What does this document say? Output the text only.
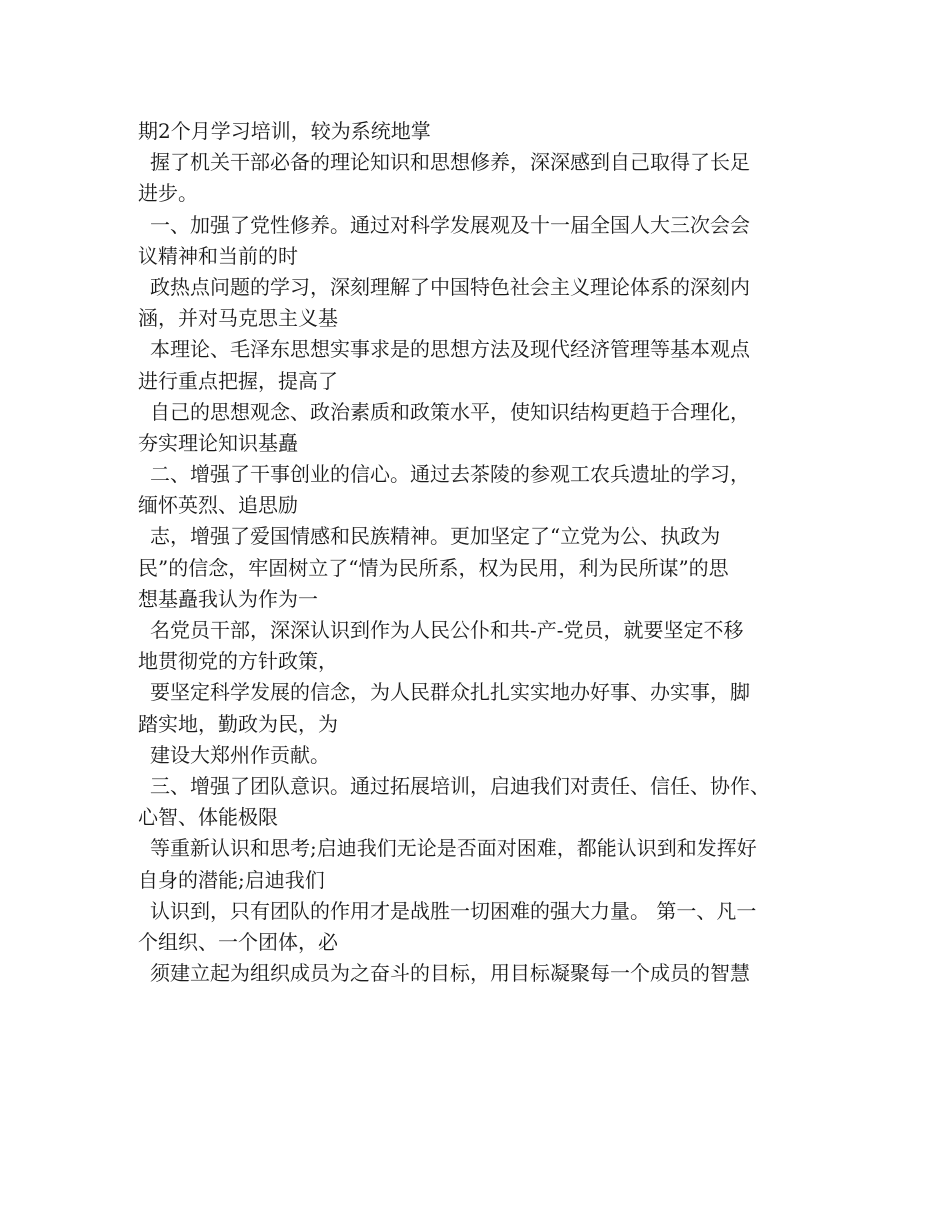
期2个月学习培训，较为系统地掌
握了机关干部必备的理论知识和思想修养，深深感到自己取得了长足
进步。
一、加强了党性修养。通过对科学发展观及十一届全国人大三次会会
议精神和当前的时
政热点问题的学习，深刻理解了中国特色社会主义理论体系的深刻内
涵，并对马克思主义基
本理论、毛泽东思想实事求是的思想方法及现代经济管理等基本观点
进行重点把握，提高了
自己的思想观念、政治素质和政策水平，使知识结构更趋于合理化，
夯实理论知识基矗
二、增强了干事创业的信心。通过去茶陵的参观工农兵遗址的学习，
缅怀英烈、追思励
志，增强了爱国情感和民族精神。更加坚定了“立党为公、执政为
民”的信念，牢固树立了“情为民所系，权为民用，利为民所谋”的思
想基矗我认为作为一
名党员干部，深深认识到作为人民公仆和共-产-党员，就要坚定不移
地贯彻党的方针政策，
要坚定科学发展的信念，为人民群众扎扎实实地办好事、办实事，脚
踏实地，勤政为民，为
建设大郑州作贡献。
三、增强了团队意识。通过拓展培训，启迪我们对责任、信任、协作、
心智、体能极限
等重新认识和思考;启迪我们无论是否面对困难，都能认识到和发挥好
自身的潜能;启迪我们
认识到，只有团队的作用才是战胜一切困难的强大力量。 第一、凡一
个组织、一个团体，必
须建立起为组织成员为之奋斗的目标，用目标凝聚每一个成员的智慧
